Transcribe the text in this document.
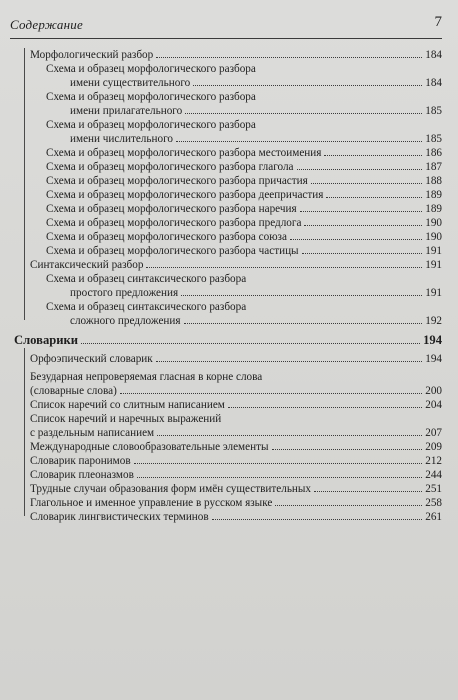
Содержание	7
Морфологический разбор	184
Схема и образец морфологического разбора
имени существительного	184
Схема и образец морфологического разбора
имени прилагательного	185
Схема и образец морфологического разбора
имени числительного	185
Схема и образец морфологического разбора местоимения	186
Схема и образец морфологического разбора глагола	187
Схема и образец морфологического разбора причастия	188
Схема и образец морфологического разбора деепричастия	189
Схема и образец морфологического разбора наречия	189
Схема и образец морфологического разбора предлога	190
Схема и образец морфологического разбора союза	190
Схема и образец морфологического разбора частицы	191
Синтаксический разбор	191
Схема и образец синтаксического разбора
простого предложения	191
Схема и образец синтаксического разбора
сложного предложения	192
Словарики	194
Орфоэпический словарик	194
Безударная непроверяемая гласная в корне слова
(словарные слова)	200
Список наречий со слитным написанием	204
Список наречий и наречных выражений
с раздельным написанием	207
Международные словообразовательные элементы	209
Словарик паронимов	212
Словарик плеоназмов	244
Трудные случаи образования форм имён существительных	251
Глагольное и именное управление в русском языке	258
Словарик лингвистических терминов	261
